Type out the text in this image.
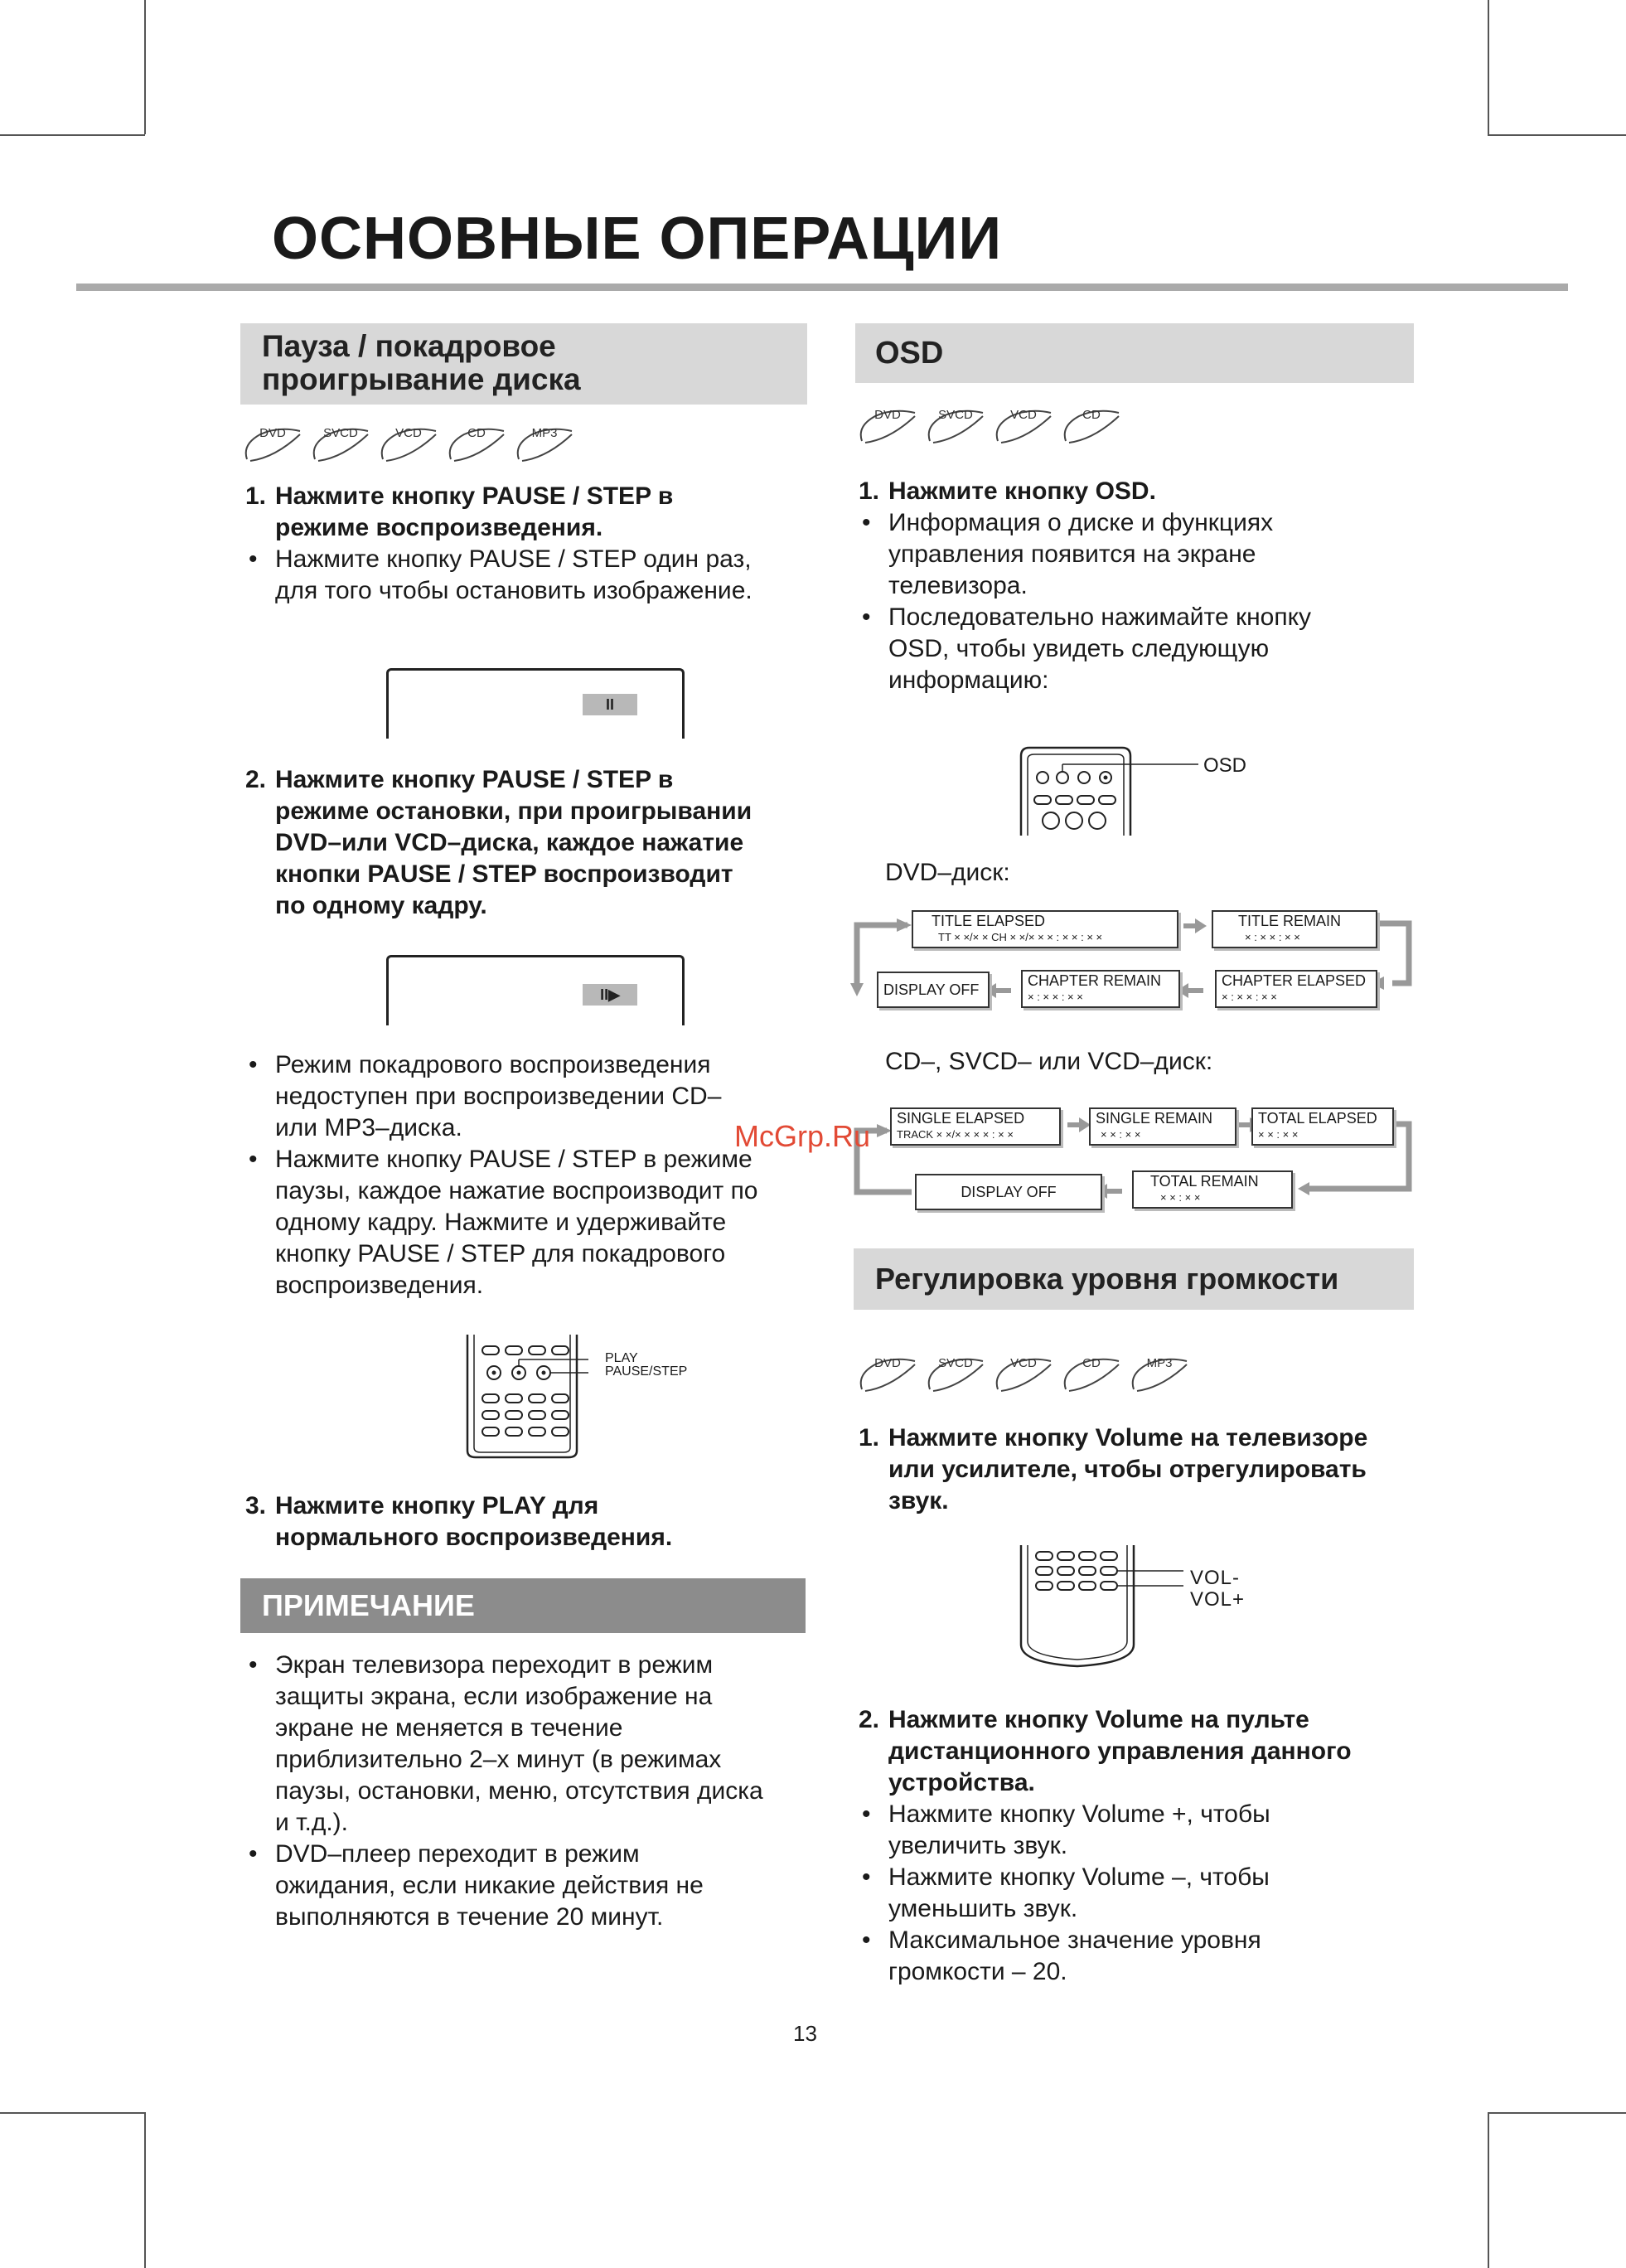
ОСНОВНЫЕ ОПЕРАЦИИ
Пауза / покадровое
проигрывание диска
DVD	SVCD	VCD	CD	MP3
1. Нажмите кнопку PAUSE / STEP в
режиме воспроизведения.
• Нажмите кнопку PAUSE / STEP один раз,
для того чтобы остановить изображение.
II
2. Нажмите кнопку PAUSE / STEP в
режиме остановки, при проигрывании
DVD–или VCD–диска, каждое нажатие
кнопки PAUSE / STEP воспроизводит
по одному кадру.
II▶
• Режим покадрового воспроизведения
недоступен при воспроизведении CD–
или MP3–диска.
• Нажмите кнопку PAUSE / STEP в режиме
паузы, каждое нажатие воспроизводит по
одному кадру. Нажмите и удерживайте
кнопку PAUSE / STEP для покадрового
воспроизведения.
PLAY
PAUSE/STEP
3. Нажмите кнопку PLAY для
нормального воспроизведения.
ПРИМЕЧАНИЕ
• Экран телевизора переходит в режим
защиты экрана, если изображение на
экране не меняется в течение
приблизительно 2–х минут (в режимах
паузы, остановки, меню, отсутствия диска
и т.д.).
• DVD–плеер переходит в режим
ожидания, если никакие действия не
выполняются в течение 20 минут.
OSD
DVD	SVCD	VCD	CD
1. Нажмите кнопку OSD.
• Информация о диске и функциях
управления появится на экране
телевизора.
• Последовательно нажимайте кнопку
OSD, чтобы увидеть следующую
информацию:
OSD
DVD–диск:
TITLE ELAPSED
TT × ×/× × CH × ×/× × × : × × : × ×
TITLE REMAIN
× : × × : × ×
CHAPTER ELAPSED
× : × × : × ×
CHAPTER REMAIN
× : × × : × ×
DISPLAY OFF
CD–, SVCD– или VCD–диск:
SINGLE ELAPSED
TRACK × ×/× × × × : × ×
SINGLE REMAIN
× × : × ×
TOTAL ELAPSED
× × : × ×
TOTAL REMAIN
× × : × ×
DISPLAY OFF
Регулировка уровня громкости
DVD	SVCD	VCD	CD	MP3
1. Нажмите кнопку Volume на телевизоре
или усилителе, чтобы отрегулировать
звук.
VOL-
VOL+
2. Нажмите кнопку Volume на пульте
дистанционного управления данного
устройства.
• Нажмите кнопку Volume +, чтобы
увеличить звук.
• Нажмите кнопку Volume –, чтобы
уменьшить звук.
• Максимальное значение уровня
громкости – 20.
McGrp.Ru
13
